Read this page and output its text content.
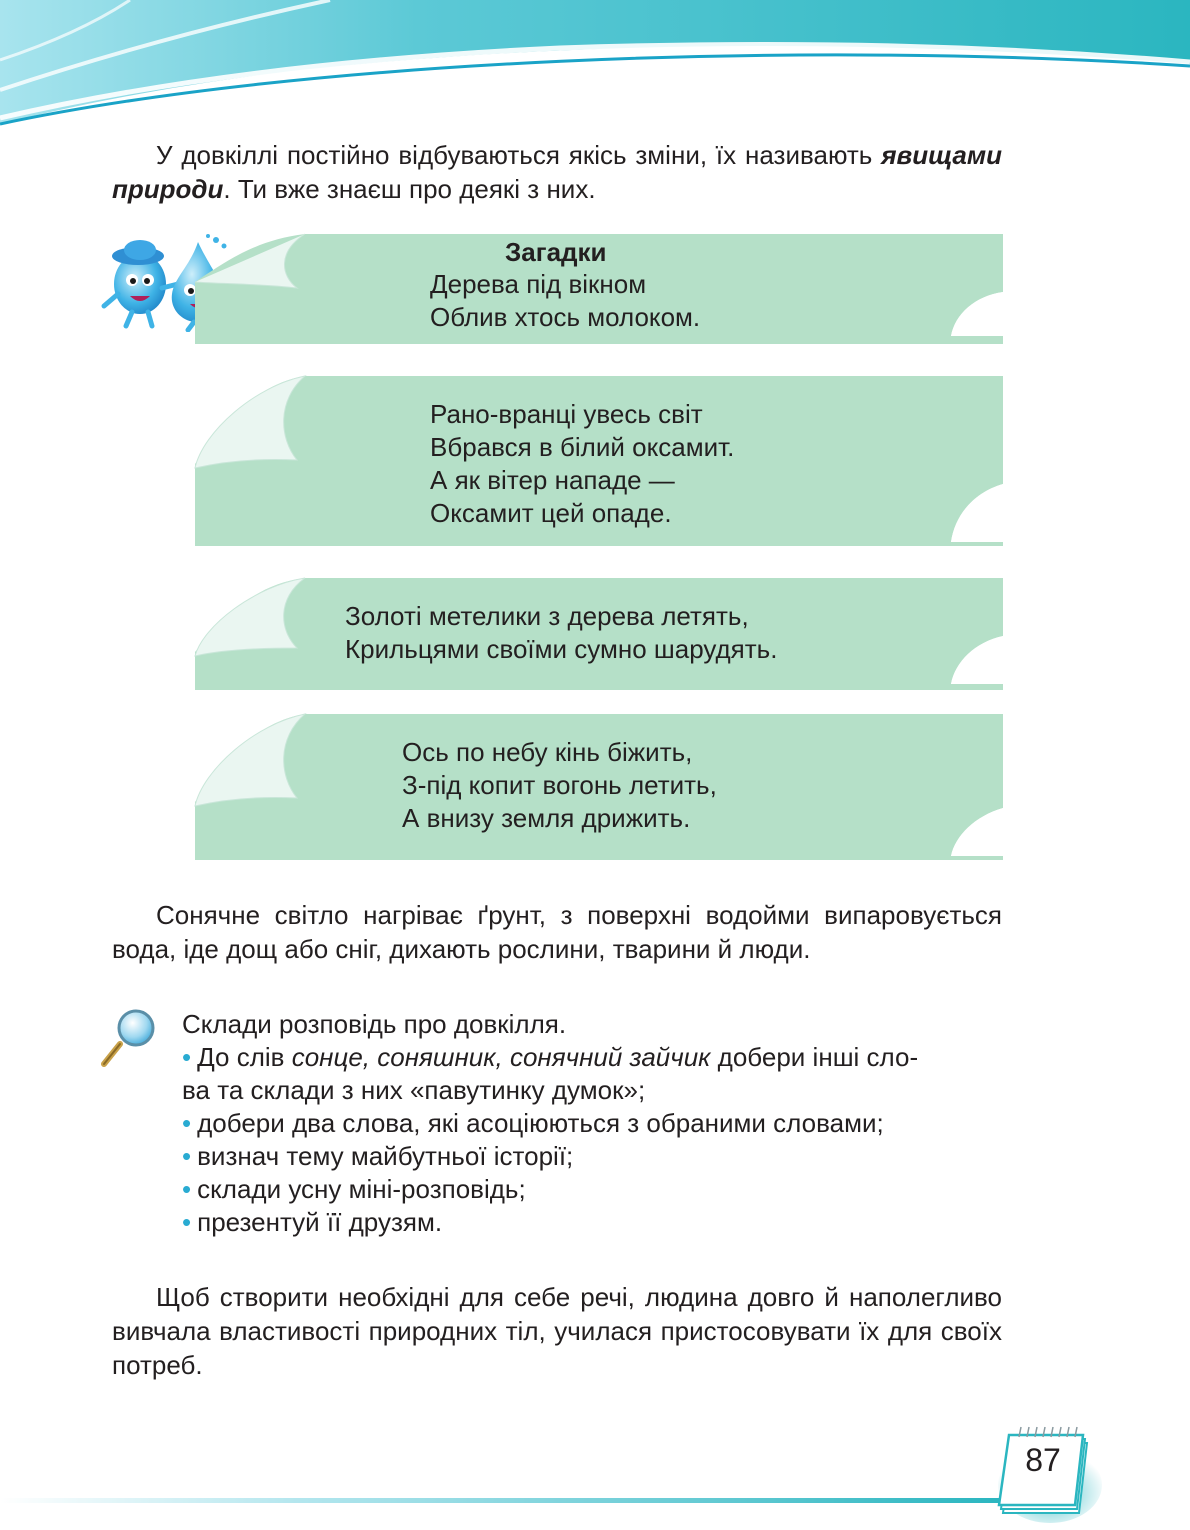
У довкіллі постійно відбуваються якісь зміни, їх називають явищами природи. Ти вже знаєш про деякі з них.

Загадки
Дерева під вікном
Облив хтось молоком.
Рано-вранці увесь світ
Вбрався в білий оксамит.
А як вітер нападе —
Оксамит цей опаде.
Золоті метелики з дерева летять,
Крильцями своїми сумно шарудять.
Ось по небу кінь біжить,
З-під копит вогонь летить,
А внизу земля дрижить.

Сонячне світло нагріває ґрунт, з поверхні водойми випаровується вода, іде дощ або сніг, дихають рослини, тварини й люди.

Склади розповідь про довкілля.
• До слів сонце, соняшник, сонячний зайчик добери інші сло-
ва та склади з них «павутинку думок»;
• добери два слова, які асоціюються з обраними словами;
• визнач тему майбутньої історії;
• склади усну міні-розповідь;
• презентуй її друзям.

Щоб створити необхідні для себе речі, людина довго й наполегливо вивчала властивості природних тіл, училася пристосовувати їх для своїх потреб.

87
